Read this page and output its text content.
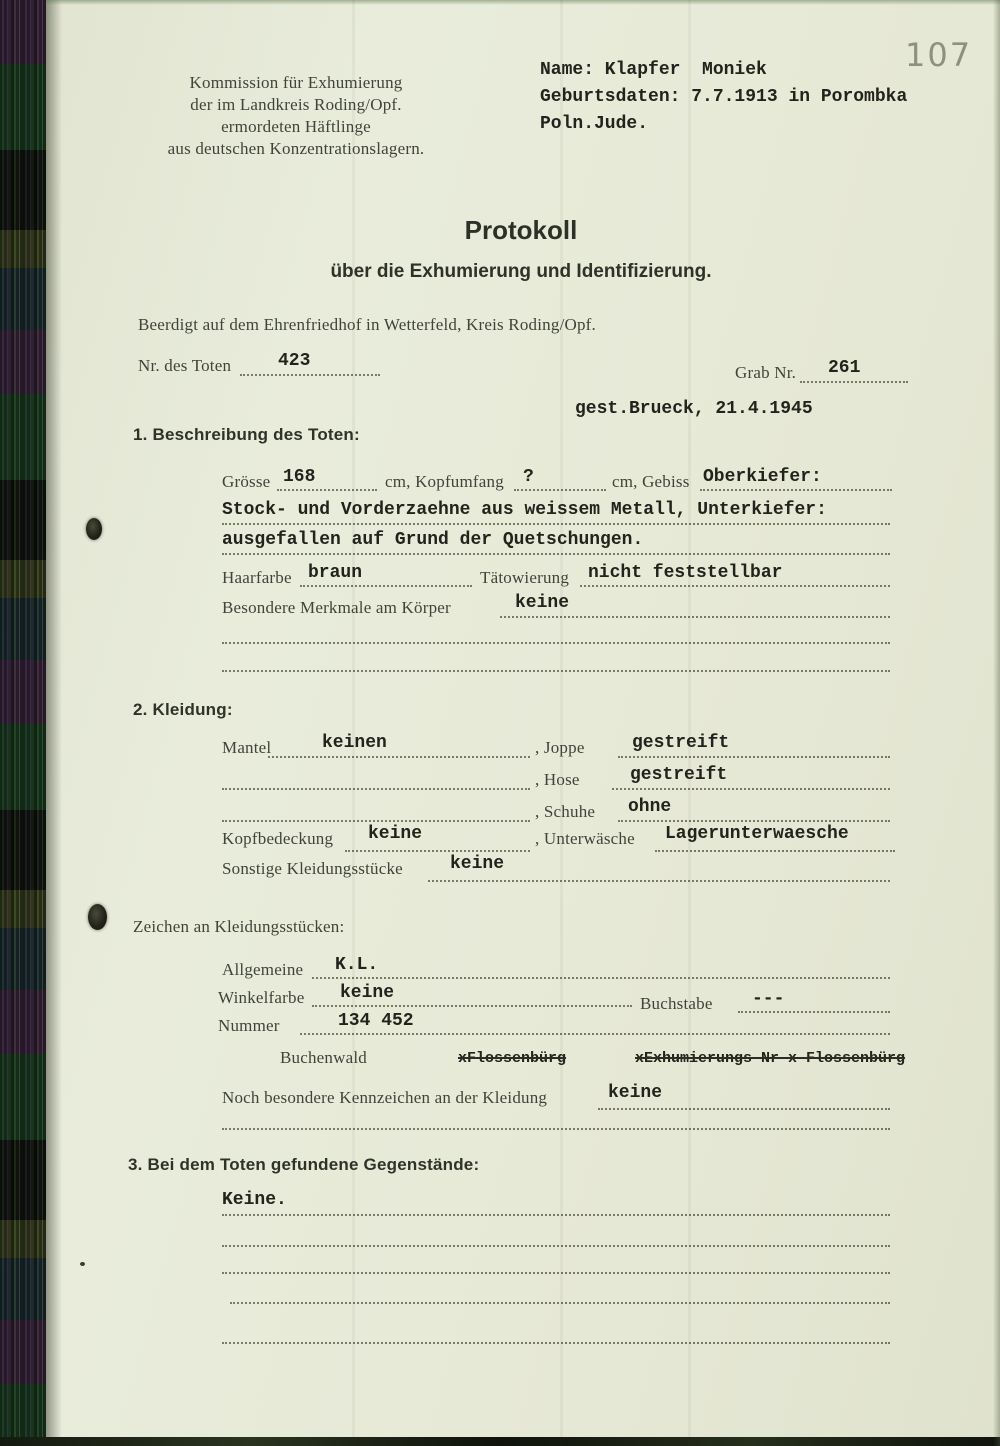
107
Kommission für Exhumierung
der im Landkreis Roding/Opf.
ermordeten Häftlinge
aus deutschen Konzentrationslagern.
Name: Klapfer  Moniek
Geburtsdaten: 7.7.1913 in Porombka
Poln.Jude.
Protokoll
über die Exhumierung und Identifizierung.
Beerdigt auf dem Ehrenfriedhof in Wetterfeld, Kreis Roding/Opf.
Nr. des Toten	423
Grab Nr. 261
gest.Brueck, 21.4.1945
1. Beschreibung des Toten:
Grösse 168	cm, Kopfumfang ?	cm, Gebiss Oberkiefer:
Stock- und Vorderzaehne aus weissem Metall, Unterkiefer:
ausgefallen auf Grund der Quetschungen.
Haarfarbe braun	Tätowierung nicht feststellbar
Besondere Merkmale am Körper	keine
2. Kleidung:
Mantel	keinen	, Joppe	gestreift
, Hose	gestreift
, Schuhe ohne
Kopfbedeckung keine	, Unterwäsche Lagerunterwaesche
Sonstige Kleidungsstücke	keine
Zeichen an Kleidungsstücken:
Allgemeine K.L.
Winkelfarbe keine
Buchstabe ---
Nummer	134 452
Buchenwald	xFlossenbürg	xExhumierungs-Nr x Flossenbürg
Noch besondere Kennzeichen an der Kleidung	keine
3. Bei dem Toten gefundene Gegenstände:
Keine.
